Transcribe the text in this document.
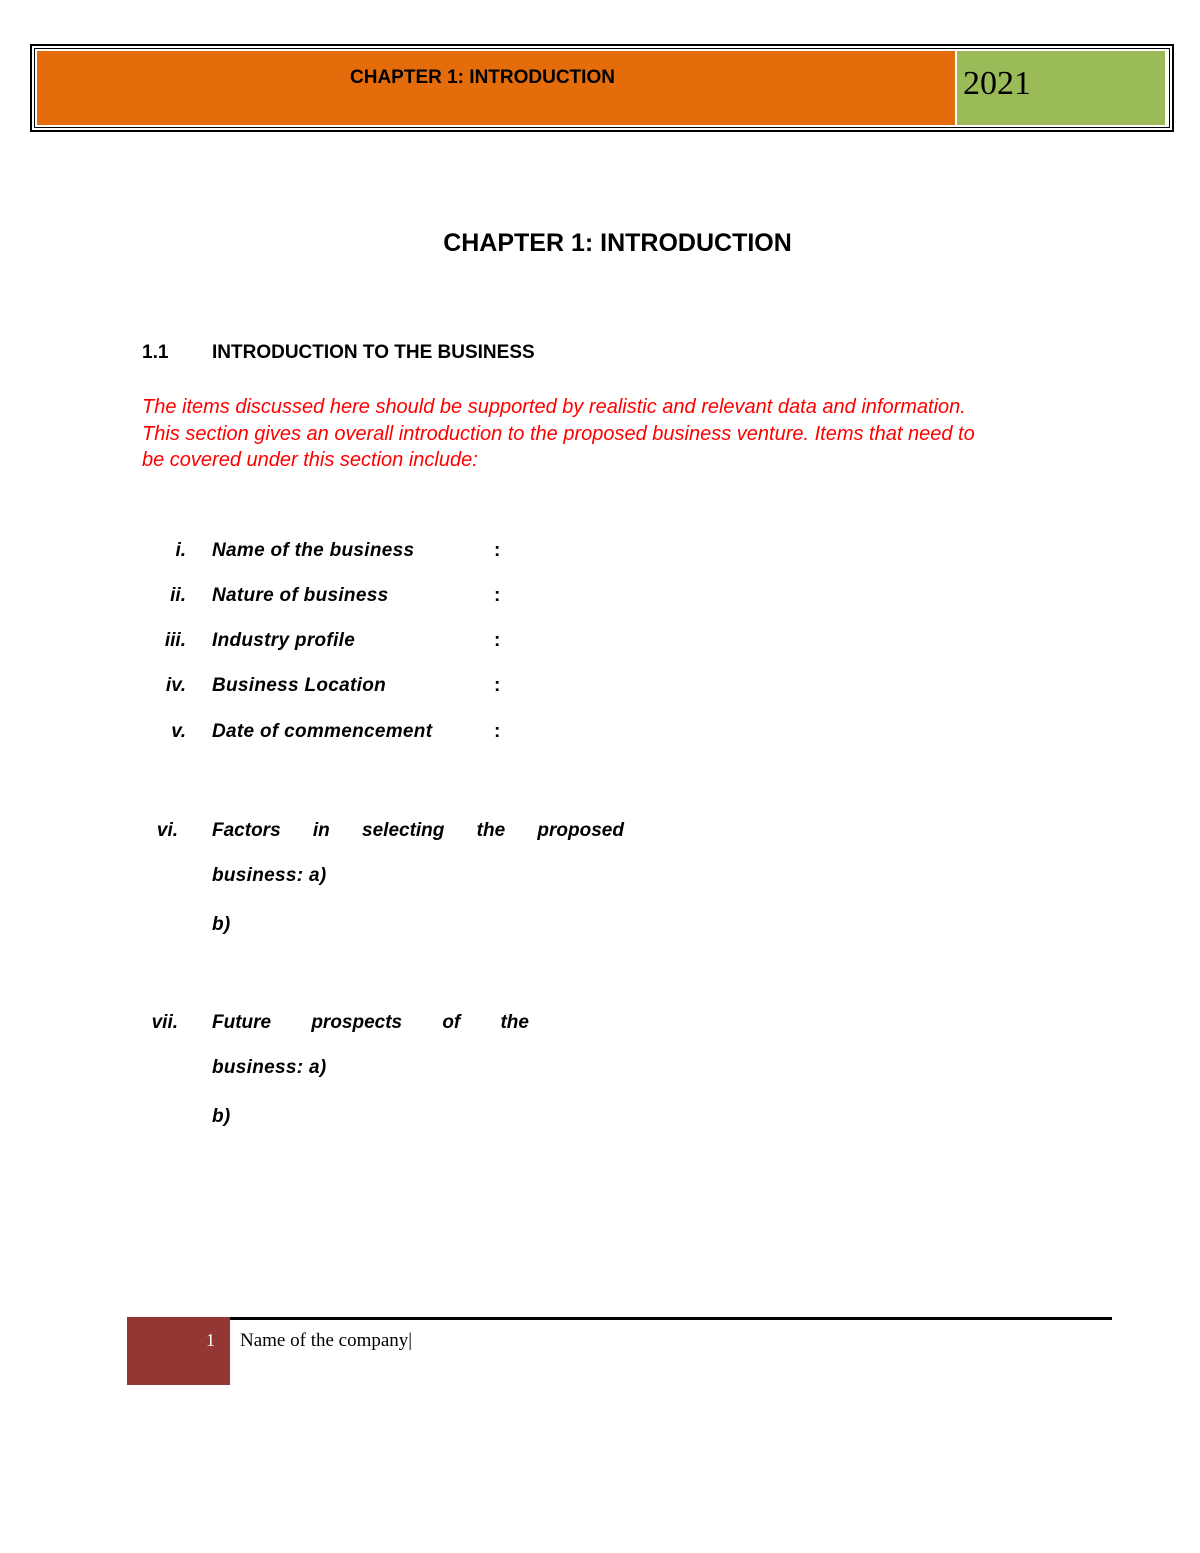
CHAPTER 1: INTRODUCTION	2021
CHAPTER 1: INTRODUCTION
1.1 INTRODUCTION TO THE BUSINESS
The items discussed here should be supported by realistic and relevant data and information.
This section gives an overall introduction to the proposed business venture. Items that need to
be covered under this section include:
i. Name of the business	:
ii. Nature of business	:
iii. Industry profile	:
iv. Business Location	:
v. Date of commencement	:
vi. Factors in selecting the proposed
business: a)
b)
vii. Future prospects of the
business: a)
b)
1 Name of the company|
